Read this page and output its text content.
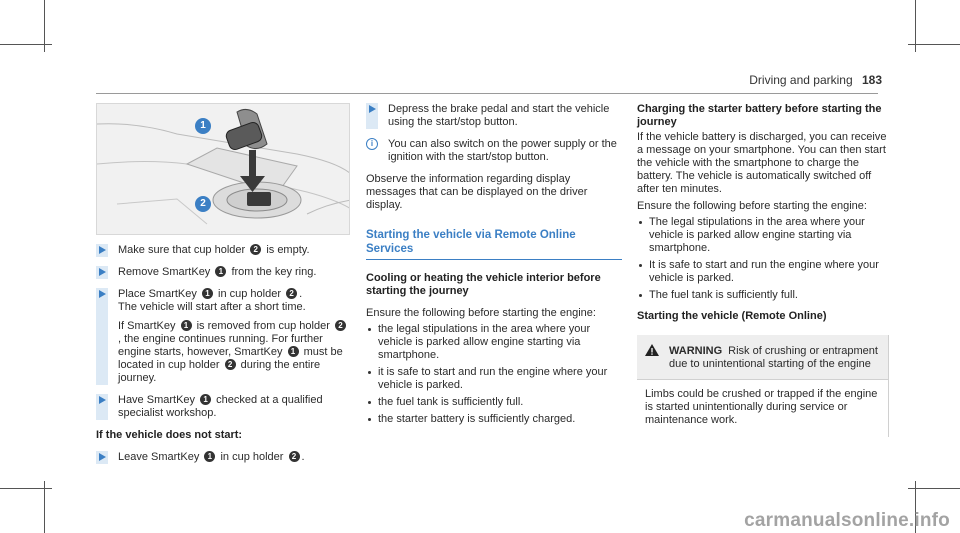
Driving and parking 183
1
2

Make sure that cup holder 2 is empty.

Remove SmartKey 1 from the key ring.

Place SmartKey 1 in cup holder 2 .
The vehicle will start after a short time.

If SmartKey 1 is removed from cup holder 2, the engine continues running. For further engine starts, however, SmartKey 1 must be located in cup holder 2 during the entire journey.

Have SmartKey 1 checked at a qualified specialist workshop.

If the vehicle does not start:

Leave SmartKey 1 in cup holder 2 .

Depress the brake pedal and start the vehicle using the start/stop button.

i	You can also switch on the power supply or the ignition with the start/stop button.

Observe the information regarding display messages that can be displayed on the driver display.

Starting the vehicle via Remote Online Services
Cooling or heating the vehicle interior before starting the journey

Ensure the following before starting the engine:

the legal stipulations in the area where your vehicle is parked allow engine starting via smartphone.
it is safe to start and run the engine where your vehicle is parked.
the fuel tank is sufficiently full.
the starter battery is sufficiently charged.
Charging the starter battery before starting the journey

If the vehicle battery is discharged, you can receive a message on your smartphone. You can then start the vehicle with the smartphone to charge the battery. The vehicle is automatically switched off after ten minutes.

Ensure the following before starting the engine:

The legal stipulations in the area where your vehicle is parked allow engine starting via smartphone.
It is safe to start and run the engine where your vehicle is parked.
The fuel tank is sufficiently full.
Starting the vehicle (Remote Online)
WARNING Risk of crushing or entrapment due to unintentional starting of the engine
Limbs could be crushed or trapped if the engine is started unintentionally during service or maintenance work.
carmanualsonline.info
